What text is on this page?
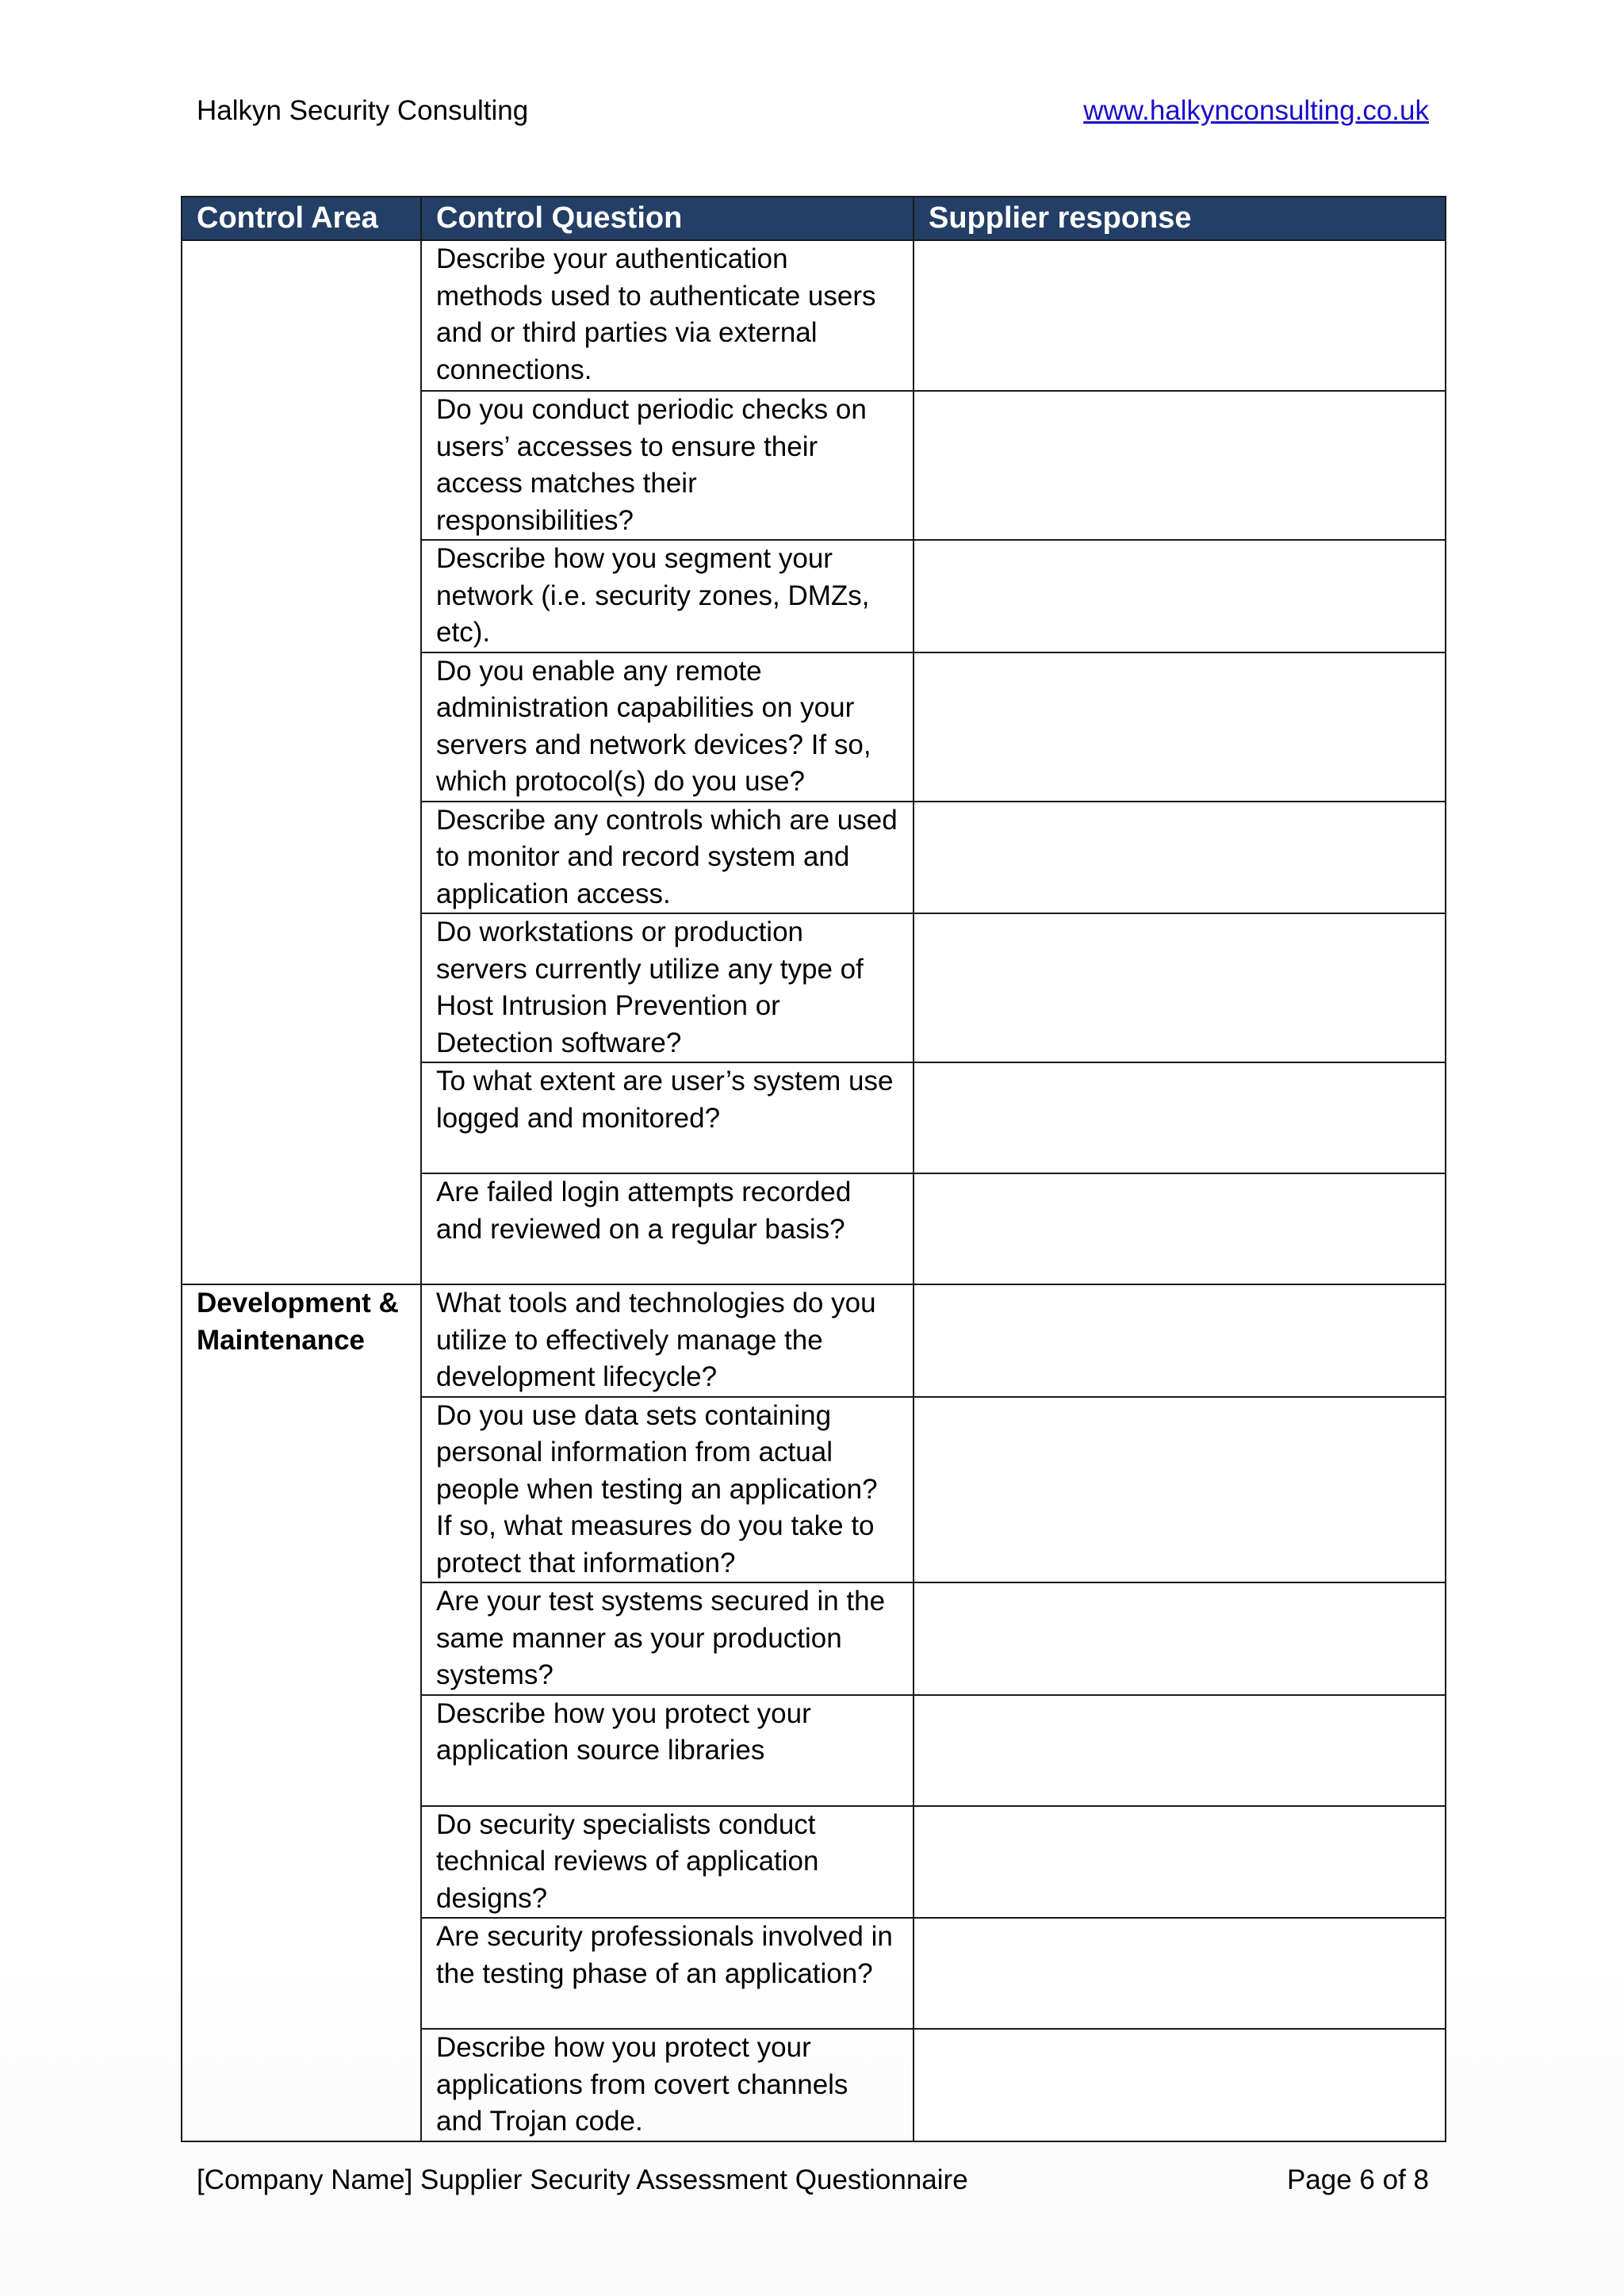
Halkyn Security Consulting	www.halkynconsulting.co.uk
Control Area	Control Question	Supplier response
	Describe your authentication methods used to authenticate users and or third parties via external connections.	
	Do you conduct periodic checks on users’ accesses to ensure their access matches their responsibilities?	
	Describe how you segment your network (i.e. security zones, DMZs, etc).	
	Do you enable any remote administration capabilities on your servers and network devices? If so, which protocol(s) do you use?	
	Describe any controls which are used to monitor and record system and application access.	
	Do workstations or production servers currently utilize any type of Host Intrusion Prevention or Detection software?	
	To what extent are user’s system use logged and monitored?	
	Are failed login attempts recorded and reviewed on a regular basis?	
Development & Maintenance	What tools and technologies do you utilize to effectively manage the development lifecycle?	
	Do you use data sets containing personal information from actual people when testing an application? If so, what measures do you take to protect that information?	
	Are your test systems secured in the same manner as your production systems?	
	Describe how you protect your application source libraries	
	Do security specialists conduct technical reviews of application designs?	
	Are security professionals involved in the testing phase of an application?	
	Describe how you protect your applications from covert channels and Trojan code.	
[Company Name] Supplier Security Assessment Questionnaire	Page 6 of 8
